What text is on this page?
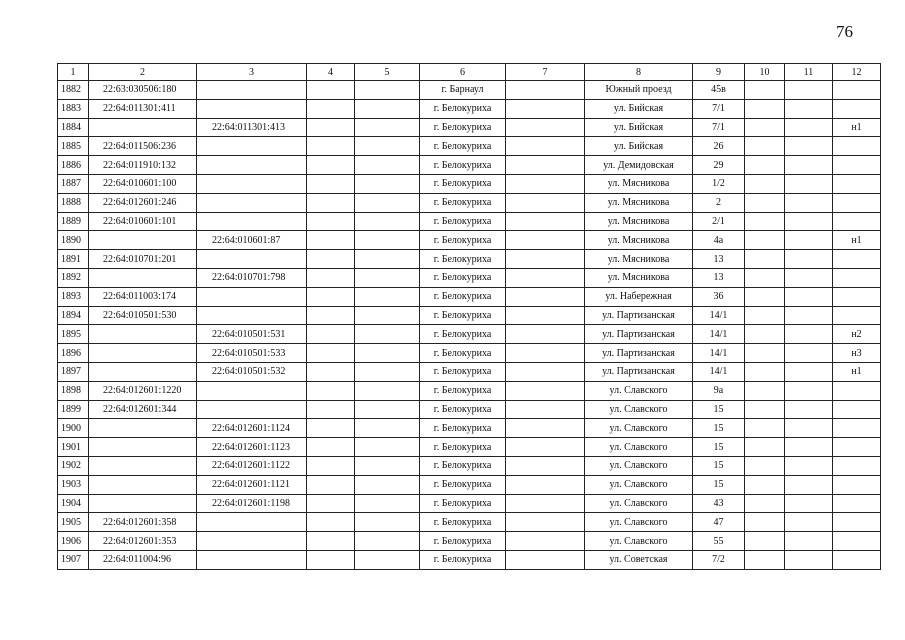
76
1	2	3	4	5	6	7	8	9	10	11	12
1882	22:63:030506:180				г. Барнаул		Южный проезд	45в			
1883	22:64:011301:411				г. Белокуриха		ул. Бийская	7/1			
1884		22:64:011301:413			г. Белокуриха		ул. Бийская	7/1			н1
1885	22:64:011506:236				г. Белокуриха		ул. Бийская	26			
1886	22:64:011910:132				г. Белокуриха		ул. Демидовская	29			
1887	22:64:010601:100				г. Белокуриха		ул. Мясникова	1/2			
1888	22:64:012601:246				г. Белокуриха		ул. Мясникова	2			
1889	22:64:010601:101				г. Белокуриха		ул. Мясникова	2/1			
1890		22:64:010601:87			г. Белокуриха		ул. Мясникова	4а			н1
1891	22:64:010701:201				г. Белокуриха		ул. Мясникова	13			
1892		22:64:010701:798			г. Белокуриха		ул. Мясникова	13			
1893	22:64:011003:174				г. Белокуриха		ул. Набережная	36			
1894	22:64:010501:530				г. Белокуриха		ул. Партизанская	14/1			
1895		22:64:010501:531			г. Белокуриха		ул. Партизанская	14/1			н2
1896		22:64:010501:533			г. Белокуриха		ул. Партизанская	14/1			н3
1897		22:64:010501:532			г. Белокуриха		ул. Партизанская	14/1			н1
1898	22:64:012601:1220				г. Белокуриха		ул. Славского	9а			
1899	22:64:012601:344				г. Белокуриха		ул. Славского	15			
1900		22:64:012601:1124			г. Белокуриха		ул. Славского	15			
1901		22:64:012601:1123			г. Белокуриха		ул. Славского	15			
1902		22:64:012601:1122			г. Белокуриха		ул. Славского	15			
1903		22:64:012601:1121			г. Белокуриха		ул. Славского	15			
1904		22:64:012601:1198			г. Белокуриха		ул. Славского	43			
1905	22:64:012601:358				г. Белокуриха		ул. Славского	47			
1906	22:64:012601:353				г. Белокуриха		ул. Славского	55			
1907	22:64:011004:96				г. Белокуриха		ул. Советская	7/2			
